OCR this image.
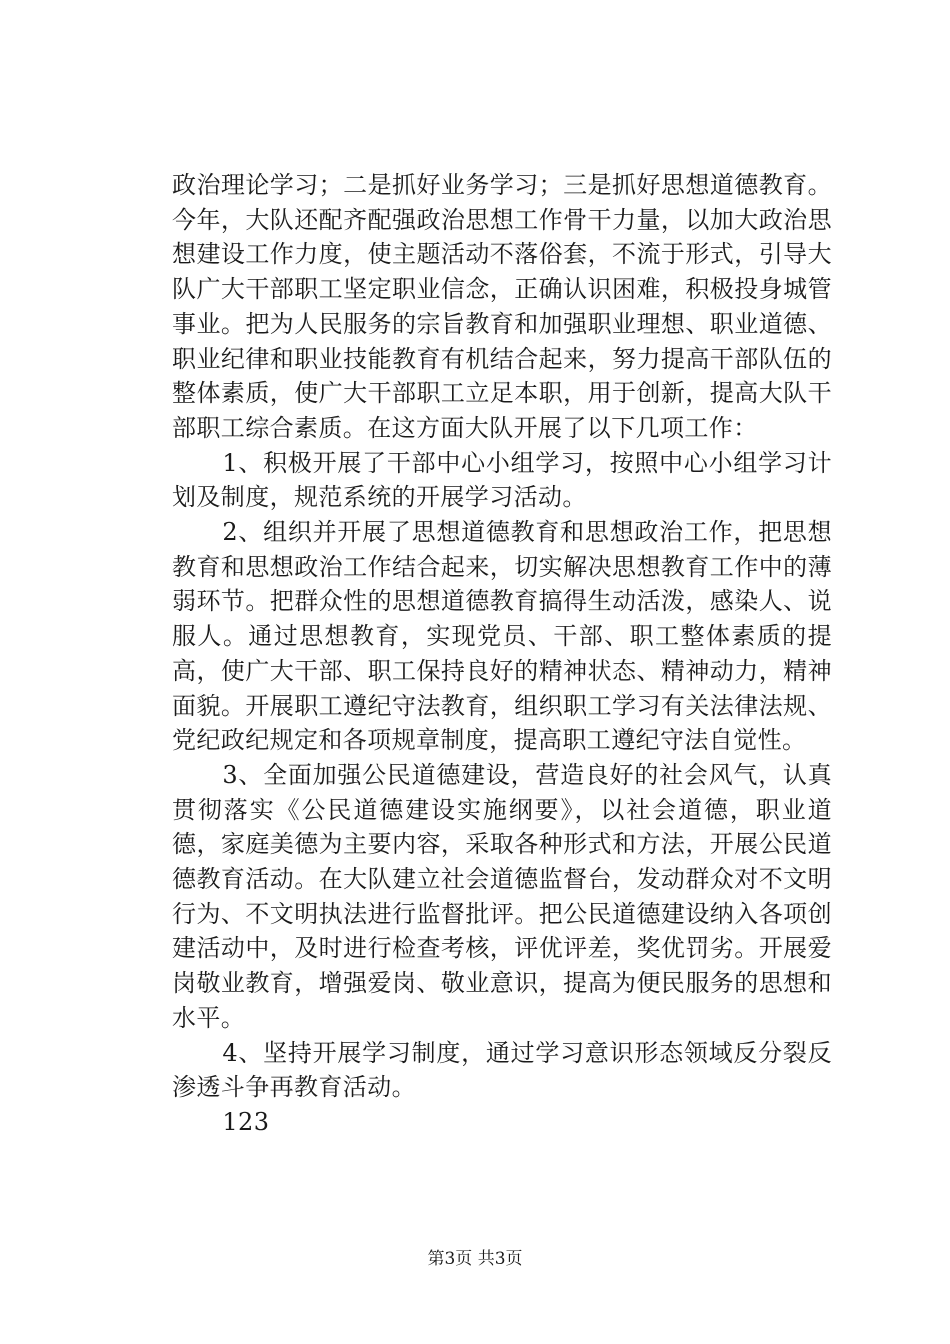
政治理论学习；二是抓好业务学习；三是抓好思想道德教育。今年，大队还配齐配强政治思想工作骨干力量，以加大政治思想建设工作力度，使主题活动不落俗套，不流于形式，引导大队广大干部职工坚定职业信念，正确认识困难，积极投身城管事业。把为人民服务的宗旨教育和加强职业理想、职业道德、职业纪律和职业技能教育有机结合起来，努力提高干部队伍的整体素质，使广大干部职工立足本职，用于创新，提高大队干部职工综合素质。在这方面大队开展了以下几项工作：

1、积极开展了干部中心小组学习，按照中心小组学习计划及制度，规范系统的开展学习活动。

2、组织并开展了思想道德教育和思想政治工作，把思想教育和思想政治工作结合起来，切实解决思想教育工作中的薄弱环节。把群众性的思想道德教育搞得生动活泼，感染人、说服人。通过思想教育，实现党员、干部、职工整体素质的提高，使广大干部、职工保持良好的精神状态、精神动力，精神面貌。开展职工遵纪守法教育，组织职工学习有关法律法规、党纪政纪规定和各项规章制度，提高职工遵纪守法自觉性。

3、全面加强公民道德建设，营造良好的社会风气，认真贯彻落实《公民道德建设实施纲要》，以社会道德，职业道德，家庭美德为主要内容，采取各种形式和方法，开展公民道德教育活动。在大队建立社会道德监督台，发动群众对不文明行为、不文明执法进行监督批评。把公民道德建设纳入各项创建活动中，及时进行检查考核，评优评差，奖优罚劣。开展爱岗敬业教育，增强爱岗、敬业意识，提高为便民服务的思想和水平。

4、坚持开展学习制度，通过学习意识形态领域反分裂反渗透斗争再教育活动。

123

第3页 共3页
